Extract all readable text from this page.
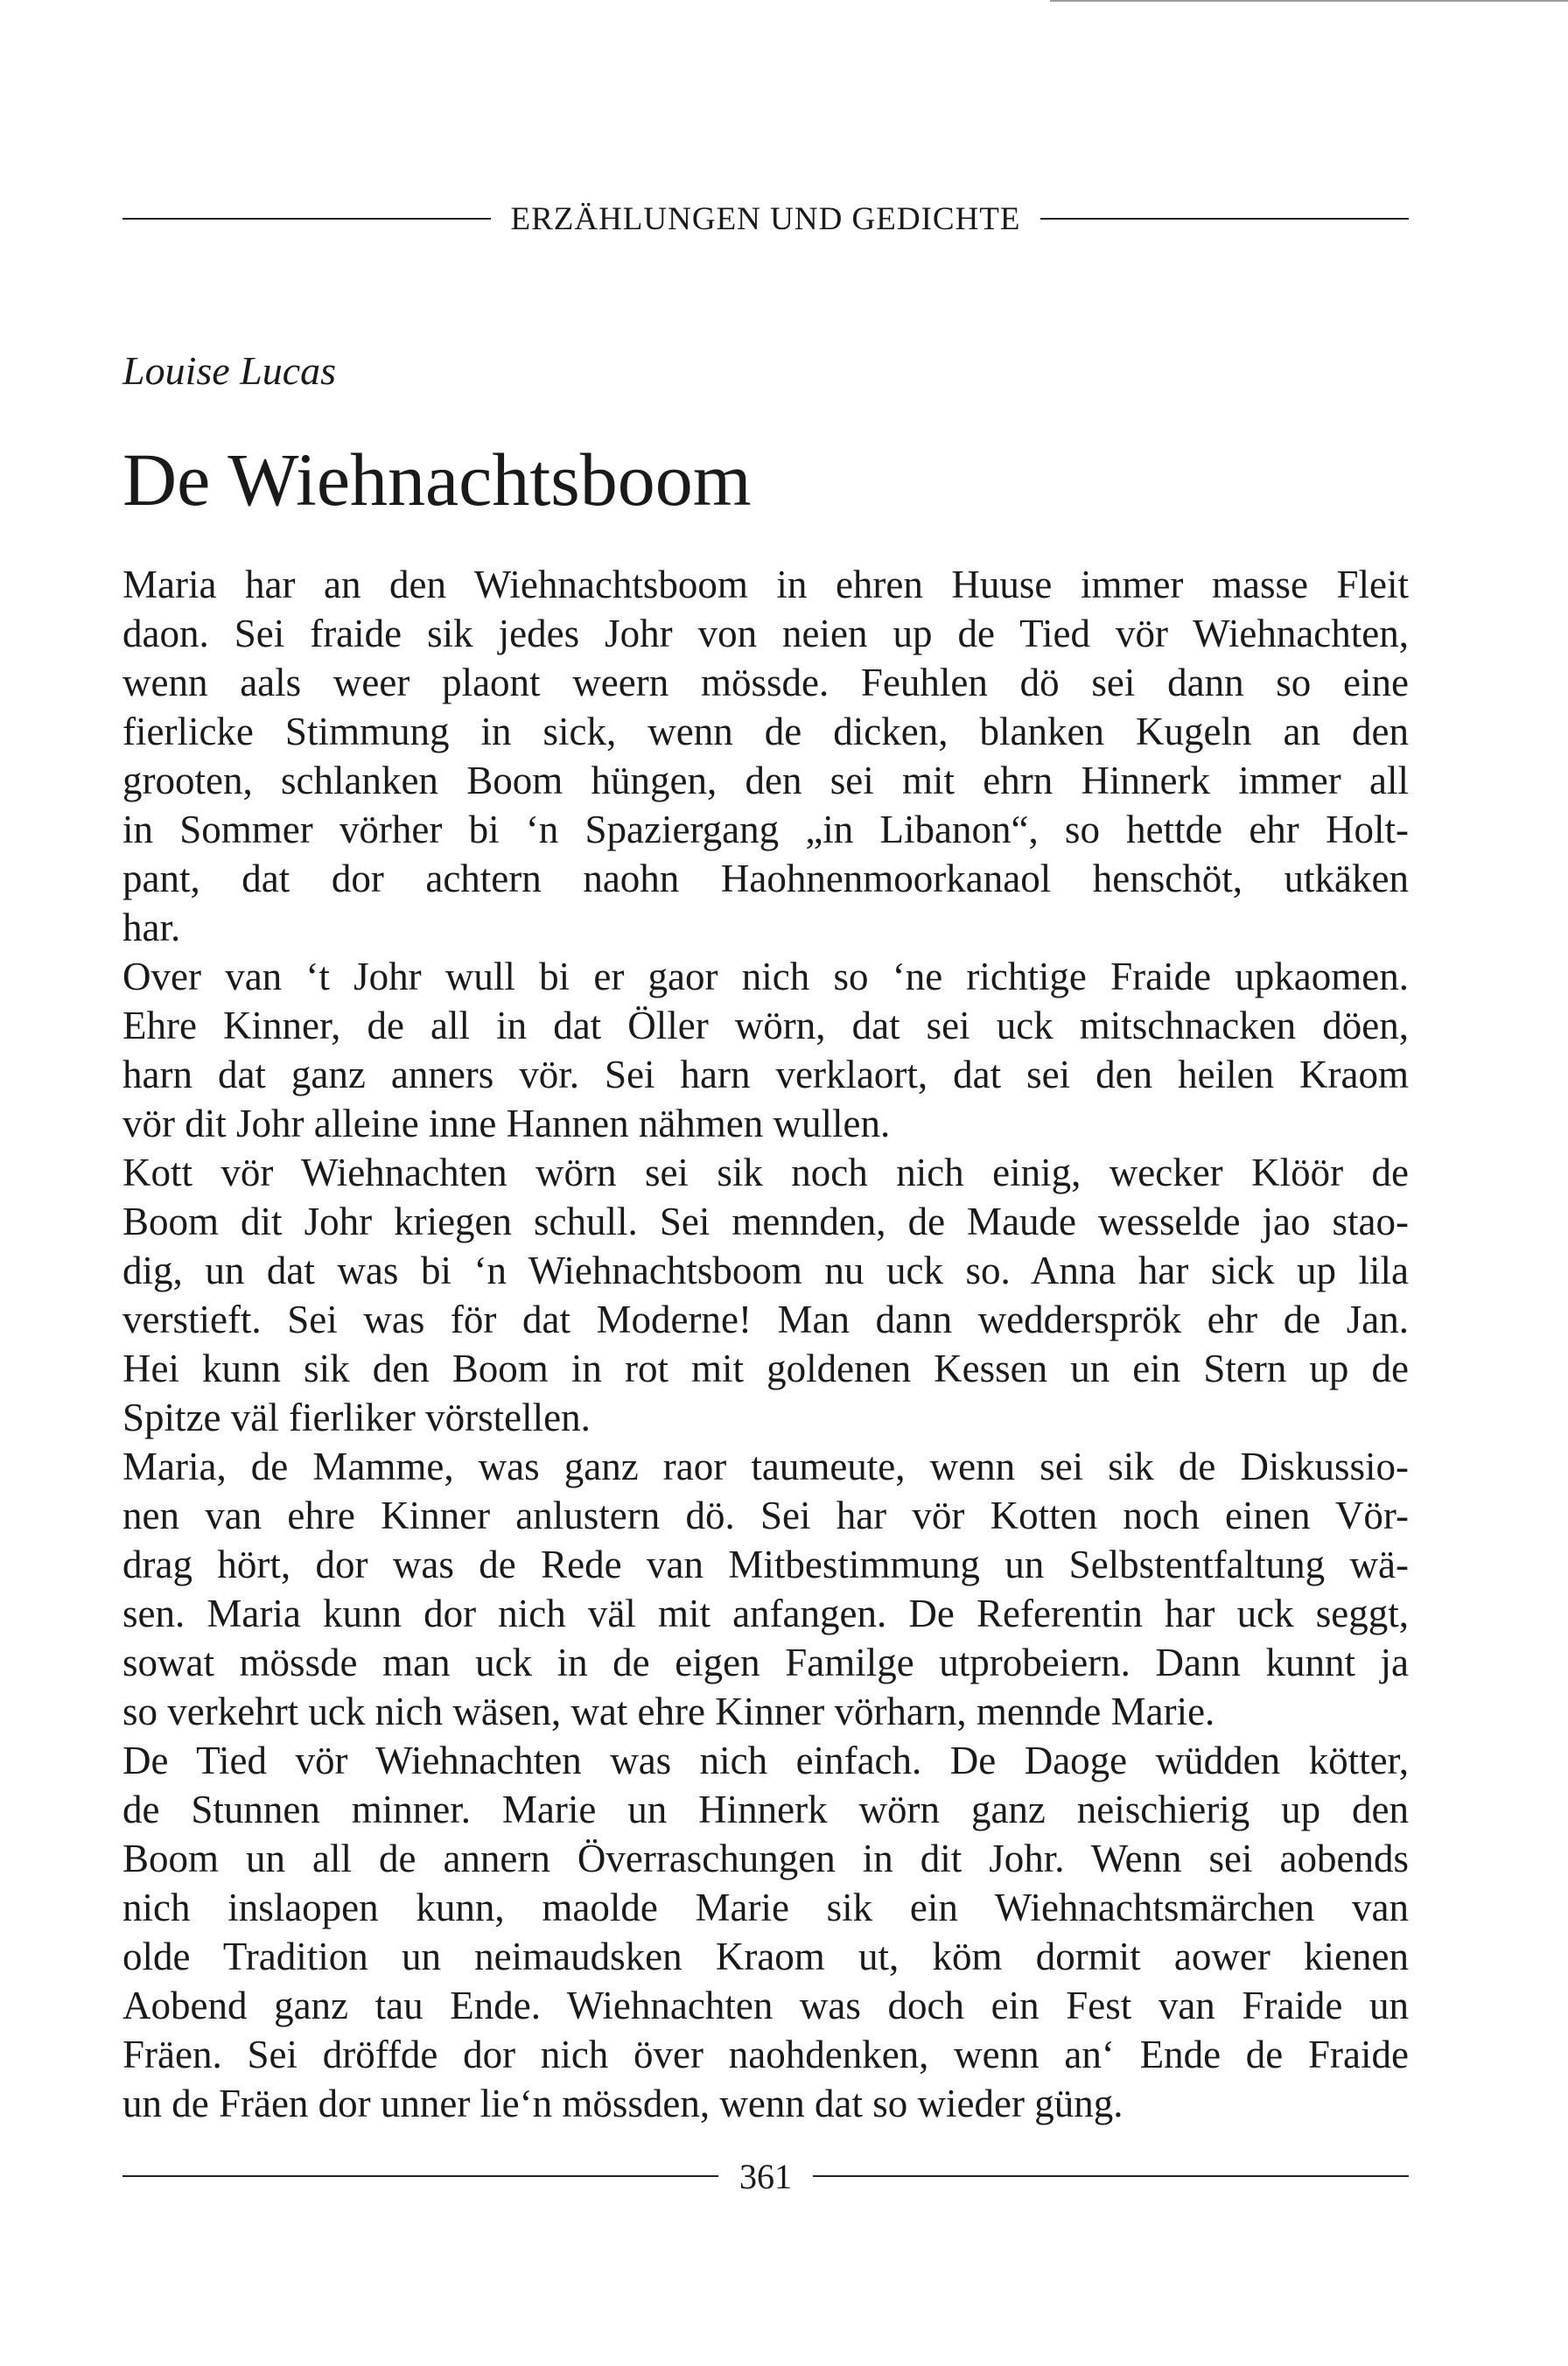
ERZÄHLUNGEN UND GEDICHTE
Louise Lucas
De Wiehnachtsboom
Maria har an den Wiehnachtsboom in ehren Huuse immer masse Fleit
daon. Sei fraide sik jedes Johr von neien up de Tied vör Wiehnachten,
wenn aals weer plaont weern mössde. Feuhlen dö sei dann so eine
fierlicke Stimmung in sick, wenn de dicken, blanken Kugeln an den
grooten, schlanken Boom hüngen, den sei mit ehrn Hinnerk immer all
in Sommer vörher bi ‘n Spaziergang „in Libanon“, so hettde ehr Holt-
pant, dat dor achtern naohn Haohnenmoorkanaol henschöt, utkäken
har.
Over van ‘t Johr wull bi er gaor nich so ‘ne richtige Fraide upkaomen.
Ehre Kinner, de all in dat Öller wörn, dat sei uck mitschnacken döen,
harn dat ganz anners vör. Sei harn verklaort, dat sei den heilen Kraom
vör dit Johr alleine inne Hannen nähmen wullen.
Kott vör Wiehnachten wörn sei sik noch nich einig, wecker Klöör de
Boom dit Johr kriegen schull. Sei mennden, de Maude wesselde jao stao-
dig, un dat was bi ‘n Wiehnachtsboom nu uck so. Anna har sick up lila
verstieft. Sei was för dat Moderne! Man dann weddersprök ehr de Jan.
Hei kunn sik den Boom in rot mit goldenen Kessen un ein Stern up de
Spitze väl fierliker vörstellen.
Maria, de Mamme, was ganz raor taumeute, wenn sei sik de Diskussio-
nen van ehre Kinner anlustern dö. Sei har vör Kotten noch einen Vör-
drag hört, dor was de Rede van Mitbestimmung un Selbstentfaltung wä-
sen. Maria kunn dor nich väl mit anfangen. De Referentin har uck seggt,
sowat mössde man uck in de eigen Familge utprobeiern. Dann kunnt ja
so verkehrt uck nich wäsen, wat ehre Kinner vörharn, mennde Marie.
De Tied vör Wiehnachten was nich einfach. De Daoge wüdden kötter,
de Stunnen minner. Marie un Hinnerk wörn ganz neischierig up den
Boom un all de annern Överraschungen in dit Johr. Wenn sei aobends
nich inslaopen kunn, maolde Marie sik ein Wiehnachtsmärchen van
olde Tradition un neimaudsken Kraom ut, köm dormit aower kienen
Aobend ganz tau Ende. Wiehnachten was doch ein Fest van Fraide un
Fräen. Sei dröffde dor nich över naohdenken, wenn an‘ Ende de Fraide
un de Fräen dor unner lie‘n mössden, wenn dat so wieder güng.
361
